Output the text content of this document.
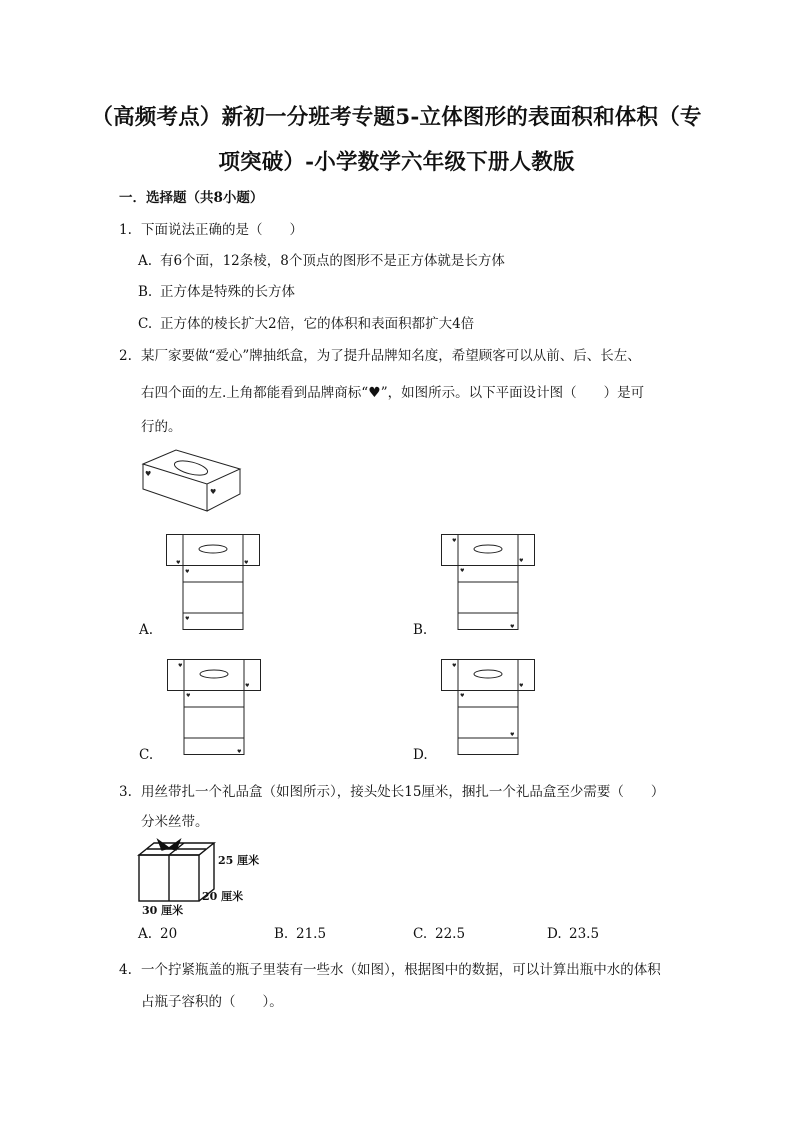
（高频考点）新初一分班考专题5-立体图形的表面积和体积（专
项突破）-小学数学六年级下册人教版
一．选择题（共8小题）
1. 下面说法正确的是（　　）
A. 有6个面，12条棱，8个顶点的图形不是正方体就是长方体
B. 正方体是特殊的长方体
C. 正方体的棱长扩大2倍，它的体积和表面积都扩大4倍
2. 某厂家要做“爱心”牌抽纸盒，为了提升品牌知名度，希望顾客可以从前、后、长左、
右四个面的左.上角都能看到品牌商标“♥”，如图所示。以下平面设计图（　　）是可
行的。
♥
♥
♥	♥
♥
♥
A.
♥
♥
♥
♥
B.
♥
♥
♥
♥
C.
♥
♥
♥
♥
D.
3. 用丝带扎一个礼品盒（如图所示），接头处长15厘米，捆扎一个礼品盒至少需要（　　）
分米丝带。
25 厘米
20 厘米
30 厘米
A. 20	B. 21.5	C. 22.5	D. 23.5
4. 一个拧紧瓶盖的瓶子里装有一些水（如图），根据图中的数据，可以计算出瓶中水的体积
占瓶子容积的（　　）。
